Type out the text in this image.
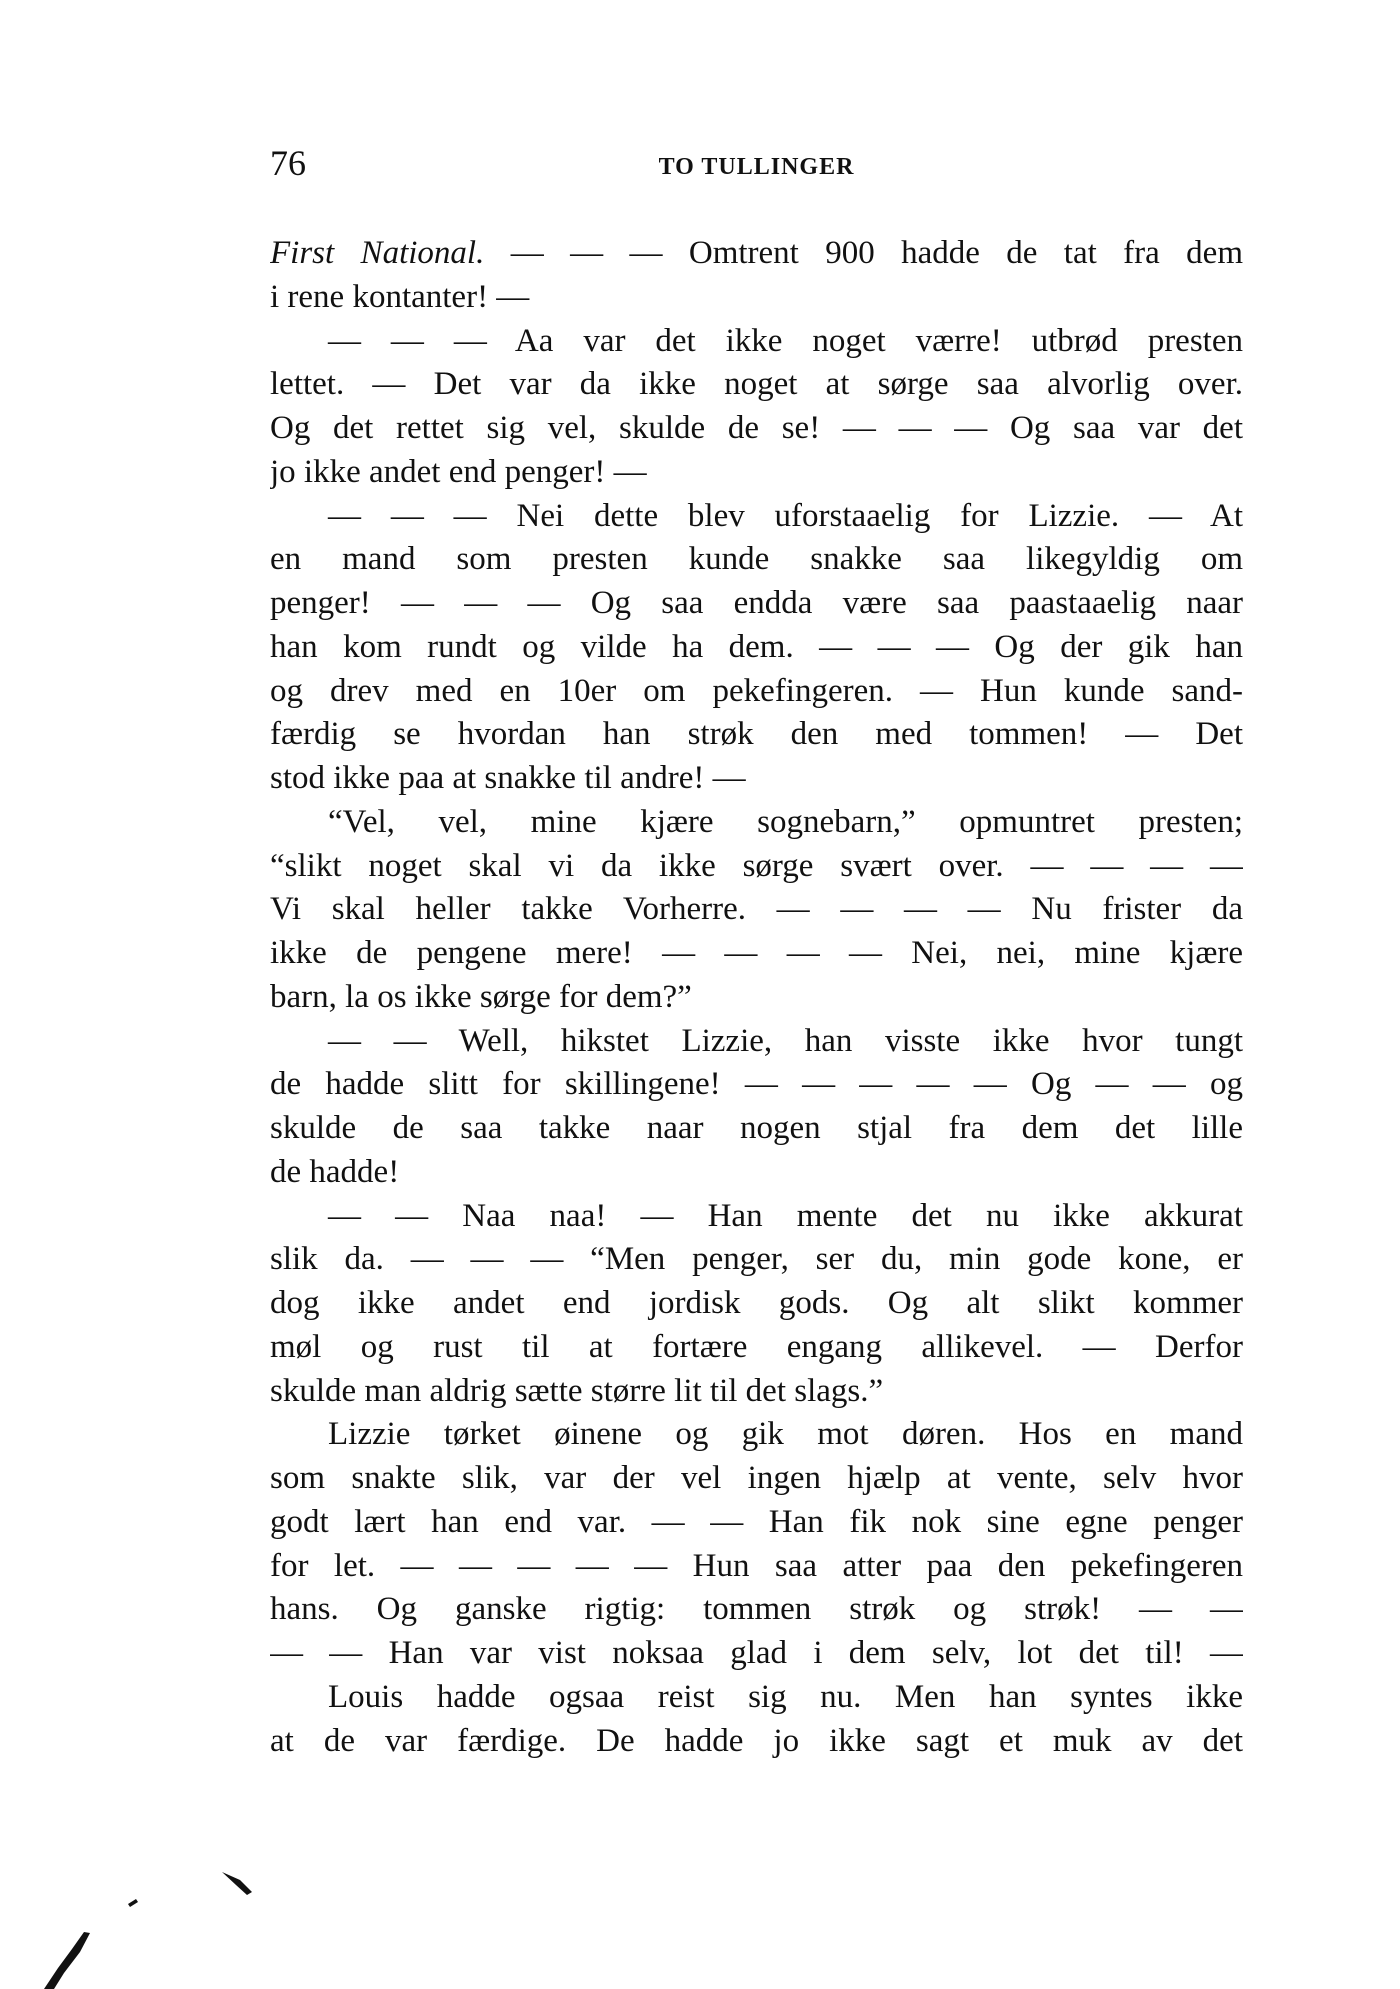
76	TO TULLINGER
First National. — — — Omtrent 900 hadde de tat fra dem
i rene kontanter! —
— — — Aa var det ikke noget værre! utbrød presten
lettet. — Det var da ikke noget at sørge saa alvorlig over.
Og det rettet sig vel, skulde de se! — — — Og saa var det
jo ikke andet end penger! —
— — — Nei dette blev uforstaaelig for Lizzie. — At
en mand som presten kunde snakke saa likegyldig om
penger! — — — Og saa endda være saa paastaaelig naar
han kom rundt og vilde ha dem. — — — Og der gik han
og drev med en 10er om pekefingeren. — Hun kunde sand-
færdig se hvordan han strøk den med tommen! — Det
stod ikke paa at snakke til andre! —
“Vel, vel, mine kjære sognebarn,” opmuntret presten;
“slikt noget skal vi da ikke sørge svært over. — — — —
Vi skal heller takke Vorherre. — — — — Nu frister da
ikke de pengene mere! — — — — Nei, nei, mine kjære
barn, la os ikke sørge for dem?”
— — Well, hikstet Lizzie, han visste ikke hvor tungt
de hadde slitt for skillingene! — — — — — Og — — og
skulde de saa takke naar nogen stjal fra dem det lille
de hadde!
— — Naa naa! — Han mente det nu ikke akkurat
slik da. — — — “Men penger, ser du, min gode kone, er
dog ikke andet end jordisk gods. Og alt slikt kommer
møl og rust til at fortære engang allikevel. — Derfor
skulde man aldrig sætte større lit til det slags.”
Lizzie tørket øinene og gik mot døren. Hos en mand
som snakte slik, var der vel ingen hjælp at vente, selv hvor
godt lært han end var. — — Han fik nok sine egne penger
for let. — — — — — Hun saa atter paa den pekefingeren
hans. Og ganske rigtig: tommen strøk og strøk! — —
— — Han var vist noksaa glad i dem selv, lot det til! —
Louis hadde ogsaa reist sig nu. Men han syntes ikke
at de var færdige. De hadde jo ikke sagt et muk av det
